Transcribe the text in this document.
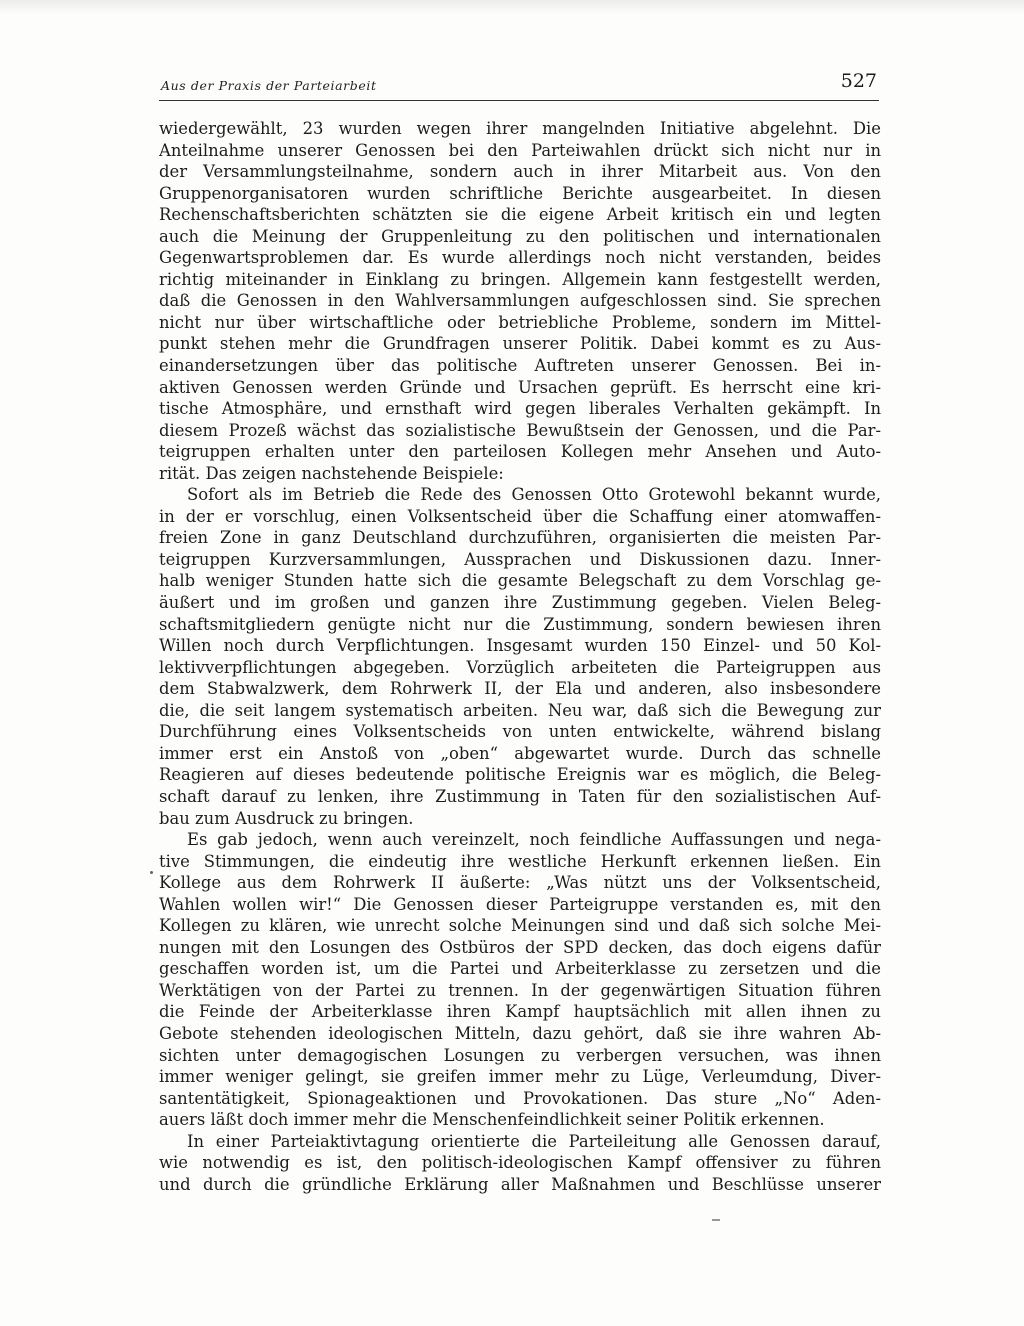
Aus der Praxis der Parteiarbeit	527
wiedergewählt, 23 wurden wegen ihrer mangelnden Initiative abgelehnt. Die
Anteilnahme unserer Genossen bei den Parteiwahlen drückt sich nicht nur in
der Versammlungsteilnahme, sondern auch in ihrer Mitarbeit aus. Von den
Gruppenorganisatoren wurden schriftliche Berichte ausgearbeitet. In diesen
Rechenschaftsberichten schätzten sie die eigene Arbeit kritisch ein und legten
auch die Meinung der Gruppenleitung zu den politischen und internationalen
Gegenwartsproblemen dar. Es wurde allerdings noch nicht verstanden, beides
richtig miteinander in Einklang zu bringen. Allgemein kann festgestellt werden,
daß die Genossen in den Wahlversammlungen aufgeschlossen sind. Sie sprechen
nicht nur über wirtschaftliche oder betriebliche Probleme, sondern im Mittel-
punkt stehen mehr die Grundfragen unserer Politik. Dabei kommt es zu Aus-
einandersetzungen über das politische Auftreten unserer Genossen. Bei in-
aktiven Genossen werden Gründe und Ursachen geprüft. Es herrscht eine kri-
tische Atmosphäre, und ernsthaft wird gegen liberales Verhalten gekämpft. In
diesem Prozeß wächst das sozialistische Bewußtsein der Genossen, und die Par-
teigruppen erhalten unter den parteilosen Kollegen mehr Ansehen und Auto-
rität. Das zeigen nachstehende Beispiele:
Sofort als im Betrieb die Rede des Genossen Otto Grotewohl bekannt wurde,
in der er vorschlug, einen Volksentscheid über die Schaffung einer atomwaffen-
freien Zone in ganz Deutschland durchzuführen, organisierten die meisten Par-
teigruppen Kurzversammlungen, Aussprachen und Diskussionen dazu. Inner-
halb weniger Stunden hatte sich die gesamte Belegschaft zu dem Vorschlag ge-
äußert und im großen und ganzen ihre Zustimmung gegeben. Vielen Beleg-
schaftsmitgliedern genügte nicht nur die Zustimmung, sondern bewiesen ihren
Willen noch durch Verpflichtungen. Insgesamt wurden 150 Einzel- und 50 Kol-
lektivverpflichtungen abgegeben. Vorzüglich arbeiteten die Parteigruppen aus
dem Stabwalzwerk, dem Rohrwerk II, der Ela und anderen, also insbesondere
die, die seit langem systematisch arbeiten. Neu war, daß sich die Bewegung zur
Durchführung eines Volksentscheids von unten entwickelte, während bislang
immer erst ein Anstoß von „oben“ abgewartet wurde. Durch das schnelle
Reagieren auf dieses bedeutende politische Ereignis war es möglich, die Beleg-
schaft darauf zu lenken, ihre Zustimmung in Taten für den sozialistischen Auf-
bau zum Ausdruck zu bringen.
Es gab jedoch, wenn auch vereinzelt, noch feindliche Auffassungen und nega-
tive Stimmungen, die eindeutig ihre westliche Herkunft erkennen ließen. Ein
Kollege aus dem Rohrwerk II äußerte: „Was nützt uns der Volksentscheid,
Wahlen wollen wir!“ Die Genossen dieser Parteigruppe verstanden es, mit den
Kollegen zu klären, wie unrecht solche Meinungen sind und daß sich solche Mei-
nungen mit den Losungen des Ostbüros der SPD decken, das doch eigens dafür
geschaffen worden ist, um die Partei und Arbeiterklasse zu zersetzen und die
Werktätigen von der Partei zu trennen. In der gegenwärtigen Situation führen
die Feinde der Arbeiterklasse ihren Kampf hauptsächlich mit allen ihnen zu
Gebote stehenden ideologischen Mitteln, dazu gehört, daß sie ihre wahren Ab-
sichten unter demagogischen Losungen zu verbergen versuchen, was ihnen
immer weniger gelingt, sie greifen immer mehr zu Lüge, Verleumdung, Diver-
santentätigkeit, Spionageaktionen und Provokationen. Das sture „No“ Aden-
auers läßt doch immer mehr die Menschenfeindlichkeit seiner Politik erkennen.
In einer Parteiaktivtagung orientierte die Parteileitung alle Genossen darauf,
wie notwendig es ist, den politisch-ideologischen Kampf offensiver zu führen
und durch die gründliche Erklärung aller Maßnahmen und Beschlüsse unserer
